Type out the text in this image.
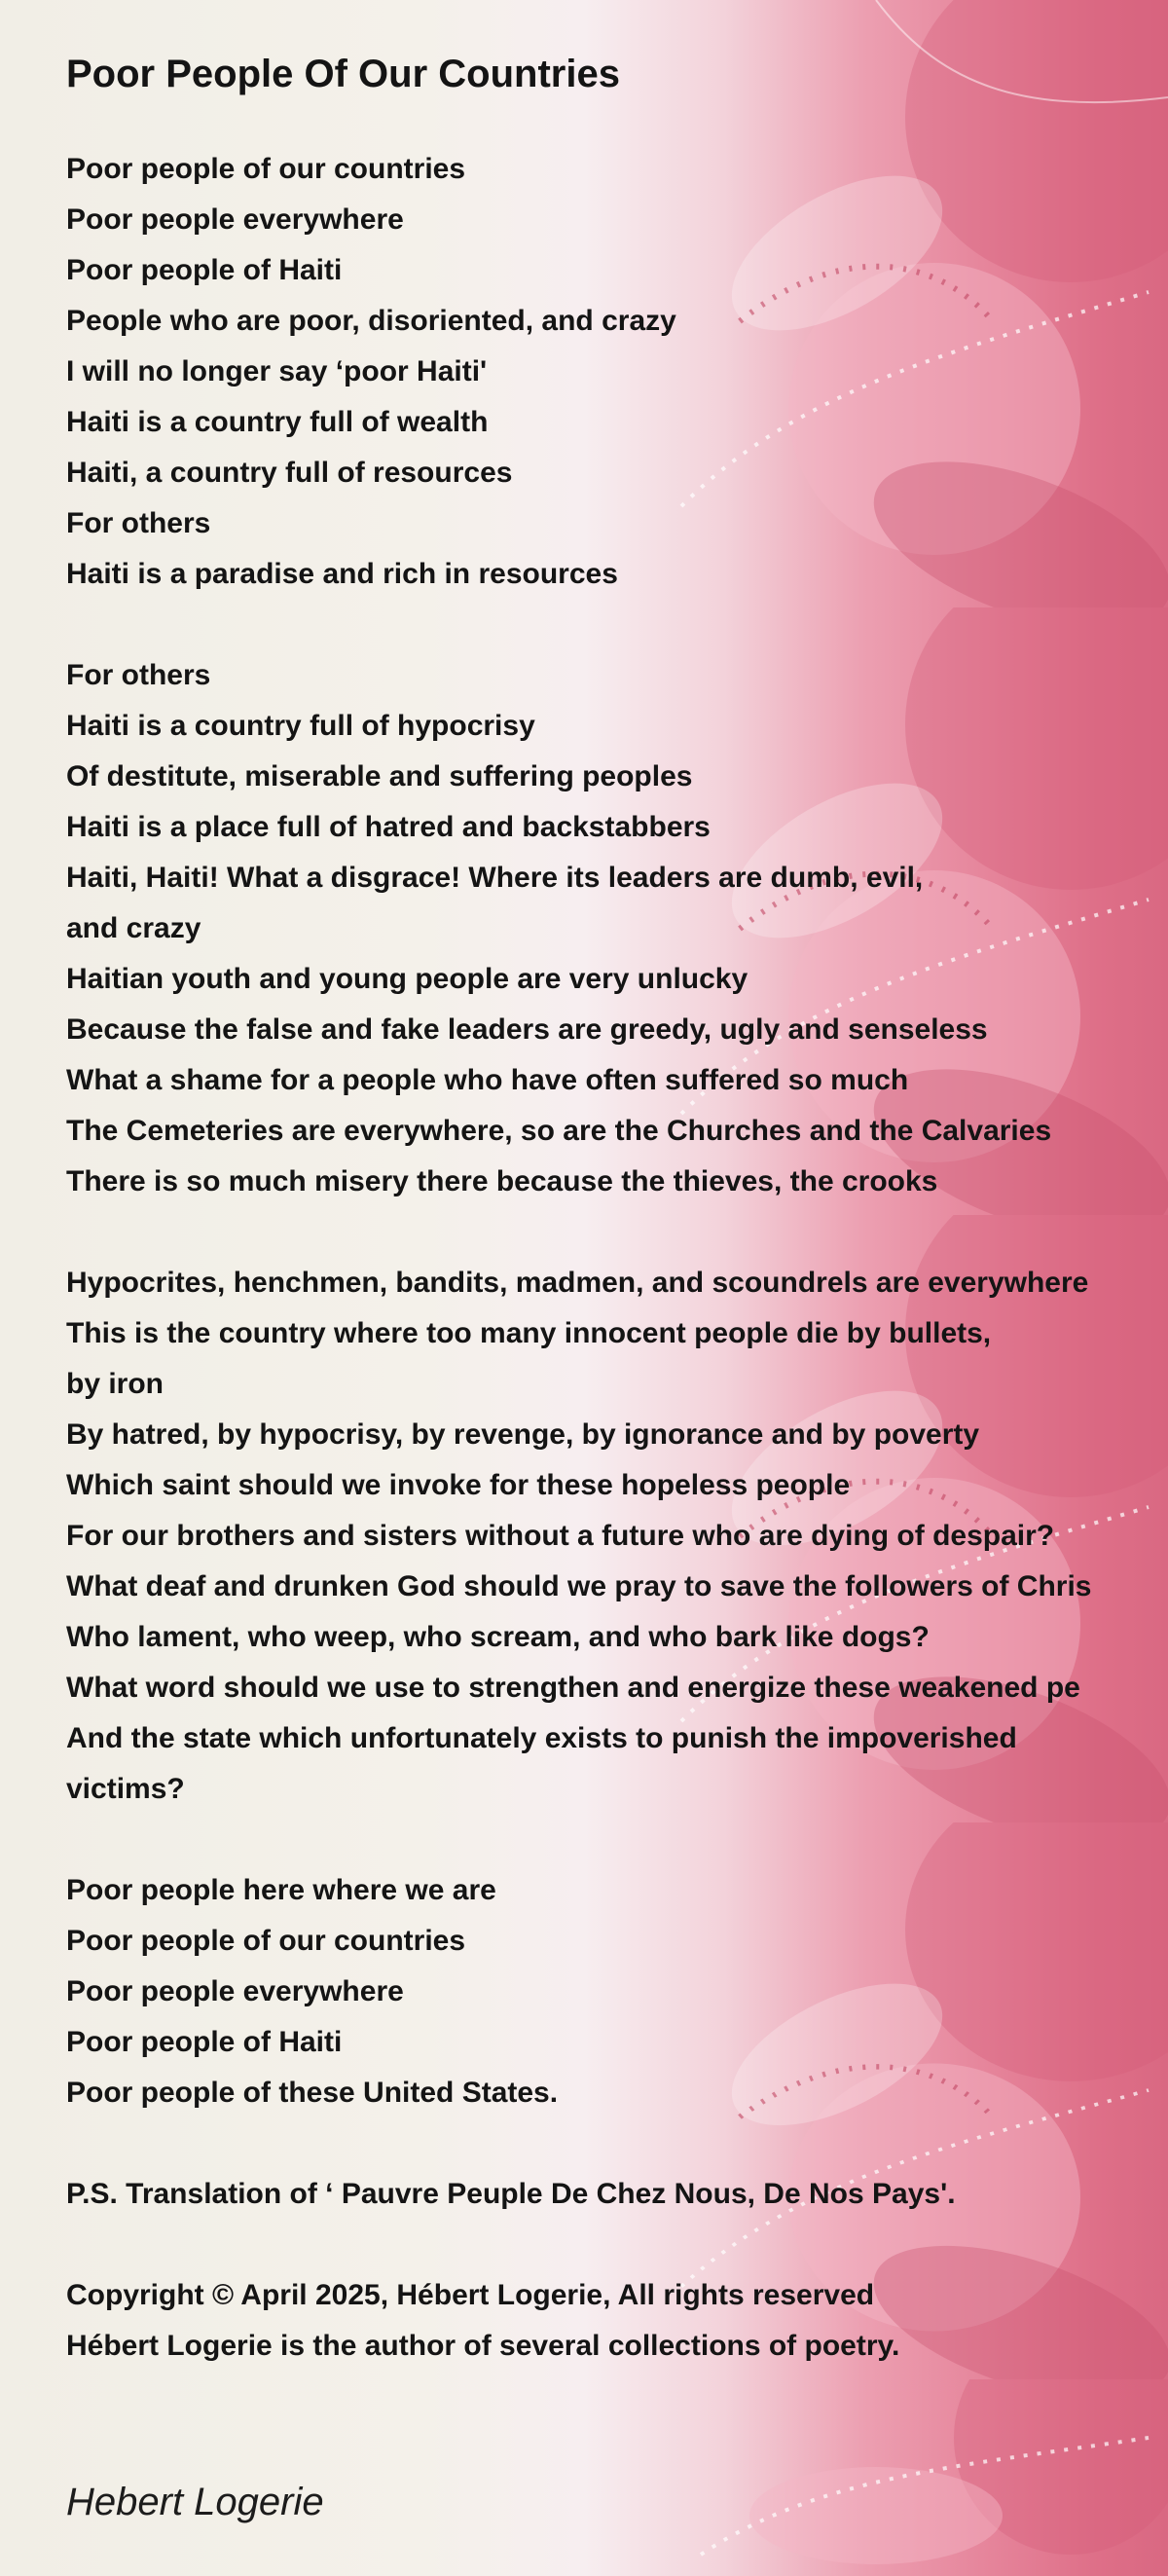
Poor People Of Our Countries
Poor people of our countries
Poor people everywhere
Poor people of Haiti
People who are poor, disoriented, and crazy
I will no longer say ‘poor Haiti'
Haiti is a country full of wealth
Haiti, a country full of resources
For others
Haiti is a paradise and rich in resources
For others
Haiti is a country full of hypocrisy
Of destitute, miserable and suffering peoples
Haiti is a place full of hatred and backstabbers
Haiti, Haiti! What a disgrace! Where its leaders are dumb, evil,
and crazy
Haitian youth and young people are very unlucky
Because the false and fake leaders are greedy, ugly and senseless
What a shame for a people who have often suffered so much
The Cemeteries are everywhere, so are the Churches and the Calvaries
There is so much misery there because the thieves, the crooks
Hypocrites, henchmen, bandits, madmen, and scoundrels are everywhere
This is the country where too many innocent people die by bullets,
by iron
By hatred, by hypocrisy, by revenge, by ignorance and by poverty
Which saint should we invoke for these hopeless people
For our brothers and sisters without a future who are dying of despair?
What deaf and drunken God should we pray to save the followers of Chris
Who lament, who weep, who scream, and who bark like dogs?
What word should we use to strengthen and energize these weakened pe
And the state which unfortunately exists to punish the impoverished
victims?
Poor people here where we are
Poor people of our countries
Poor people everywhere
Poor people of Haiti
Poor people of these United States.
P.S. Translation of ‘ Pauvre Peuple De Chez Nous, De Nos Pays'.
Copyright © April 2025, Hébert Logerie, All rights reserved
Hébert Logerie is the author of several collections of poetry.
Hebert Logerie
